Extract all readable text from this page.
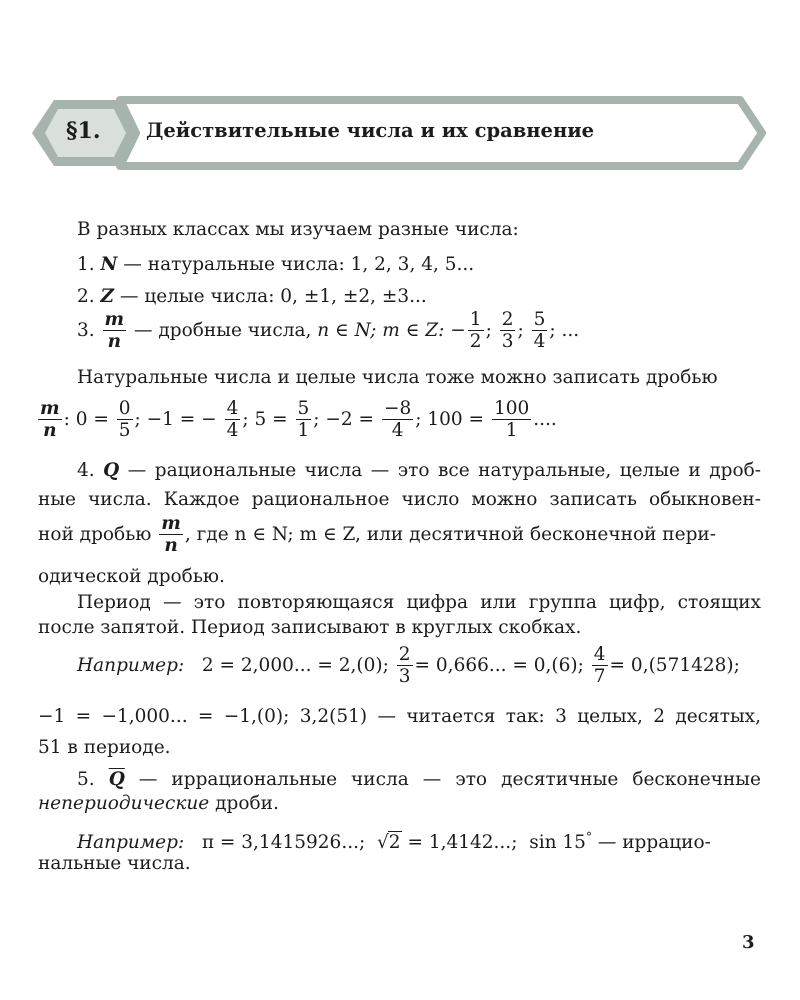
§1.	Действительные числа и их сравнение
В разных классах мы изучаем разные числа:
1. N — натуральные числа: 1, 2, 3, 4, 5...
2. Z — целые числа: 0, ±1, ±2, ±3...
3. $\frac{m}{n}$ — дробные числа, n ∈ N; m ∈ Z: − $\frac{1}{2}$ ; $\frac{2}{3}$ ; $\frac{5}{4}$ ; ...
Натуральные числа и целые числа тоже можно записать дробью
$\frac{m}{n}$ : $0 = \frac{0}{5}$ ; −1 = − $\frac{4}{4}$ ; $5 = \frac{5}{1}$ ; $-2 = \frac{-8}{4}$ ; $100 = \frac{100}{1}$ ....
4. Q — рациональные числа — это все натуральные, целые и дроб-
ные числа. Каждое рациональное число можно записать обыкновен-
ной дробью $\frac{m}{n}$ , где n ∈ N; m ∈ Z, или десятичной бесконечной пери-
одической дробью.
Период — это повторяющаяся цифра или группа цифр, стоящих
после запятой. Период записывают в круглых скобках.
Например: 2 = 2,000... = 2,(0); $\frac{2}{3} = 0,666$... = 0,(6); $\frac{4}{7} = 0,(571428)$;
−1 = −1,000... = −1,(0); 3,2(51) — читается так: 3 целых, 2 десятых,
51 в периоде.
5. $\overline{Q}$ — иррациональные числа — это десятичные бесконечные
непериодические дроби.
Например: π = 3,1415926...; √2 = 1,4142...; sin 15° — иррацио-
нальные числа.
3
